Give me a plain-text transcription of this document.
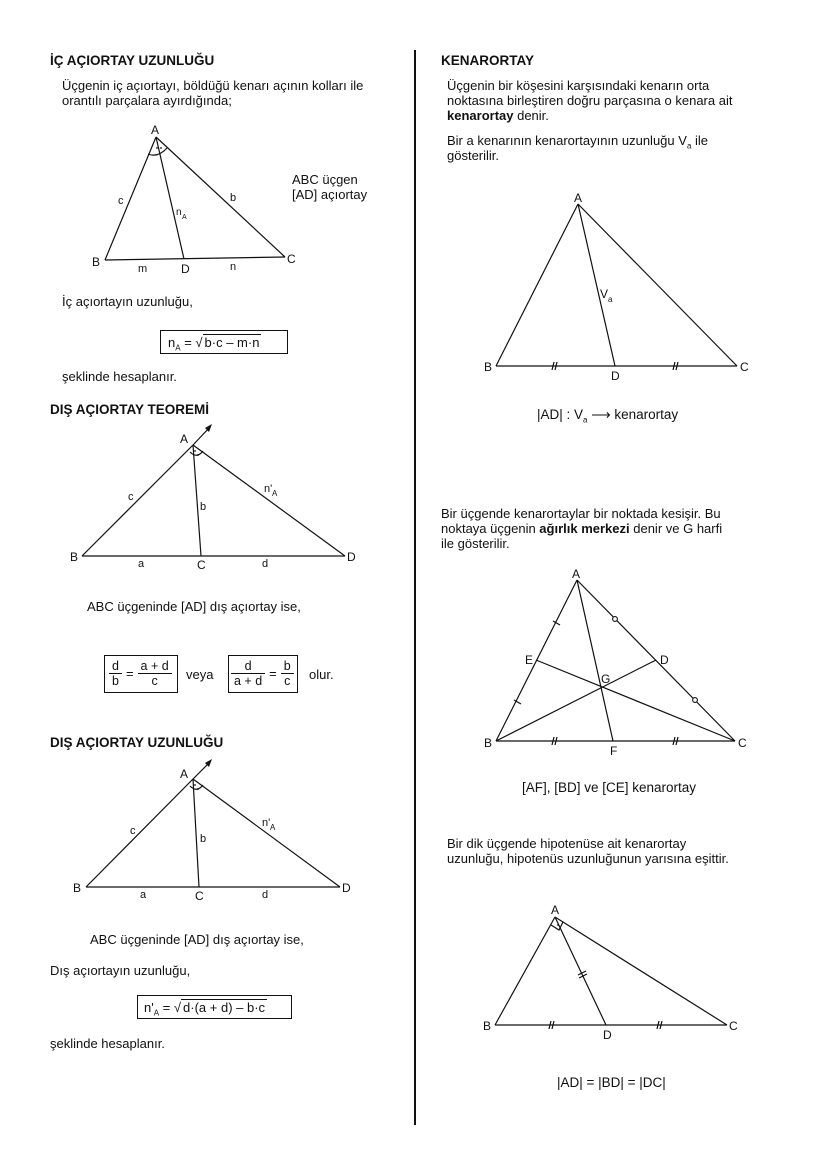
İÇ AÇIORTAY UZUNLUĞU
Üçgenin iç açıortayı, böldüğü kenarı açının kolları ile
orantılı parçalara ayırdığında;
A
B	C
D
c	b
m	n
n A
ABC üçgen
[AD] açıortay
İç açıortayın uzunluğu,
$n_A$ = √ b·c – m·n
şeklinde hesaplanır.
DIŞ AÇIORTAY TEOREMİ
A
B
C
D
c
b
a	d
n' A
ABC üçgeninde [AD] dış açıortay ise,
$\frac{d}{b} = \frac{a + d}{c}$ veya $\frac{d}{a + d} = \frac{b}{c}$ olur.
DIŞ AÇIORTAY UZUNLUĞU
A
B
C
D
c
b
a	d
n' A
ABC üçgeninde [AD] dış açıortay ise,
Dış açıortayın uzunluğu,
$n'_A$ = √ d·(a + d) – b·c
şeklinde hesaplanır.
KENARORTAY
Üçgenin bir köşesini karşısındaki kenarın orta
noktasına birleştiren doğru parçasına o kenara ait
kenarortay denir.
Bir a kenarının kenarortayının uzunluğu $V_a$ ile
gösterilir.
A
B	C
D
V a
|AD| : $V_a$ ⟶ kenarortay
Bir üçgende kenarortaylar bir noktada kesişir. Bu
noktaya üçgenin ağırlık merkezi denir ve G harfi
ile gösterilir.
A
B	C
D
E
F
G
[AF], [BD] ve [CE] kenarortay
Bir dik üçgende hipotenüse ait kenarortay
uzunluğu, hipotenüs uzunluğunun yarısına eşittir.
A
B	C
D
|AD| = |BD| = |DC|
